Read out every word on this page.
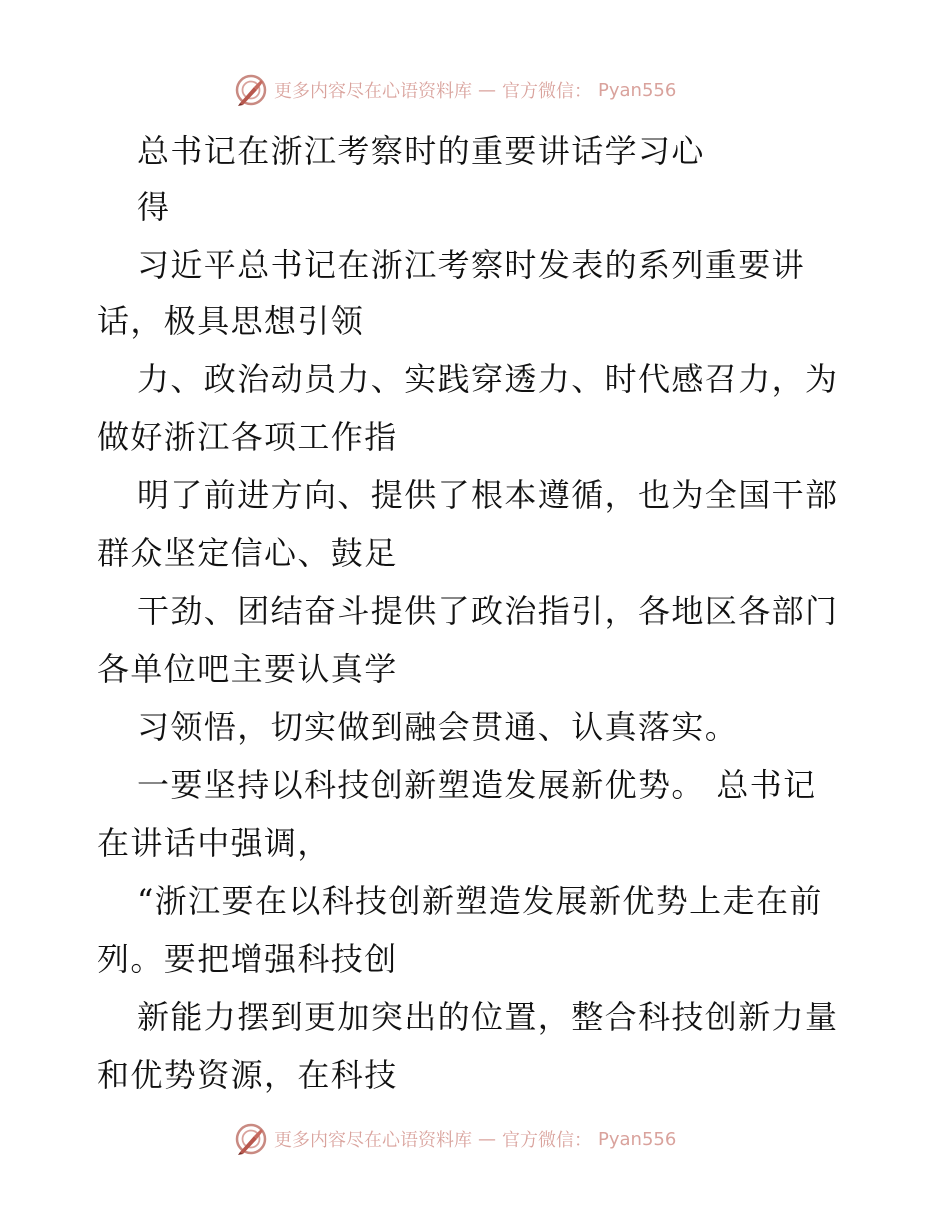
更多内容尽在心语资料库 — 官方微信： Pyan556
总书记在浙江考察时的重要讲话学习心
得
习近平总书记在浙江考察时发表的系列重要讲
话，极具思想引领
力、政治动员力、实践穿透力、时代感召力，为
做好浙江各项工作指
明了前进方向、提供了根本遵循，也为全国干部
群众坚定信心、鼓足
干劲、团结奋斗提供了政治指引，各地区各部门
各单位吧主要认真学
习领悟，切实做到融会贯通、认真落实。
一要坚持以科技创新塑造发展新优势。 总书记
在讲话中强调，
“浙江要在以科技创新塑造发展新优势上走在前
列。要把增强科技创
新能力摆到更加突出的位置，整合科技创新力量
和优势资源，在科技
更多内容尽在心语资料库 — 官方微信： Pyan556
